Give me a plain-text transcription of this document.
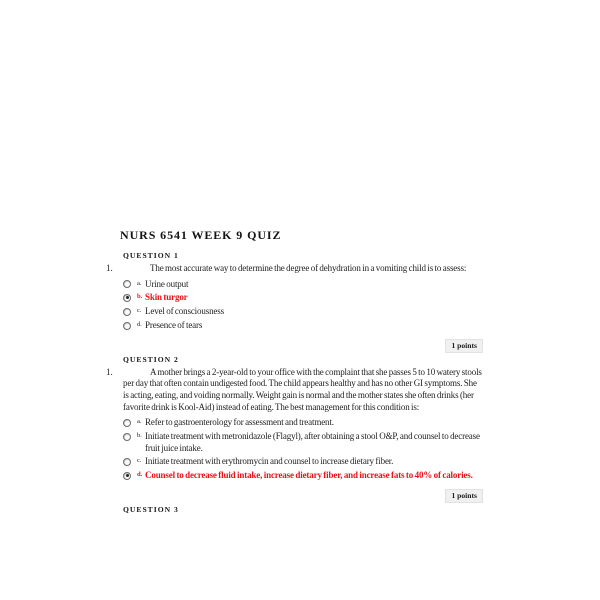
NURS 6541 WEEK 9 QUIZ
QUESTION 1
1.	The most accurate way to determine the degree of dehydration in a vomiting child is to assess:

a. Urine output
b. Skin turgor
c. Level of consciousness
d. Presence of tears
1 points
QUESTION 2
1.	A mother brings a 2-year-old to your office with the complaint that she passes 5 to 10 watery stools per day that often contain undigested food. The child appears healthy and has no other GI symptoms. She is acting, eating, and voiding normally. Weight gain is normal and the mother states she often drinks (her favorite drink is Kool-Aid) instead of eating. The best management for this condition is:

a. Refer to gastroenterology for assessment and treatment.
b. Initiate treatment with metronidazole (Flagyl), after obtaining a stool O&P, and counsel to decrease fruit juice intake.
c. Initiate treatment with erythromycin and counsel to increase dietary fiber.
d. Counsel to decrease fluid intake, increase dietary fiber, and increase fats to 40% of calories.
1 points
QUESTION 3
